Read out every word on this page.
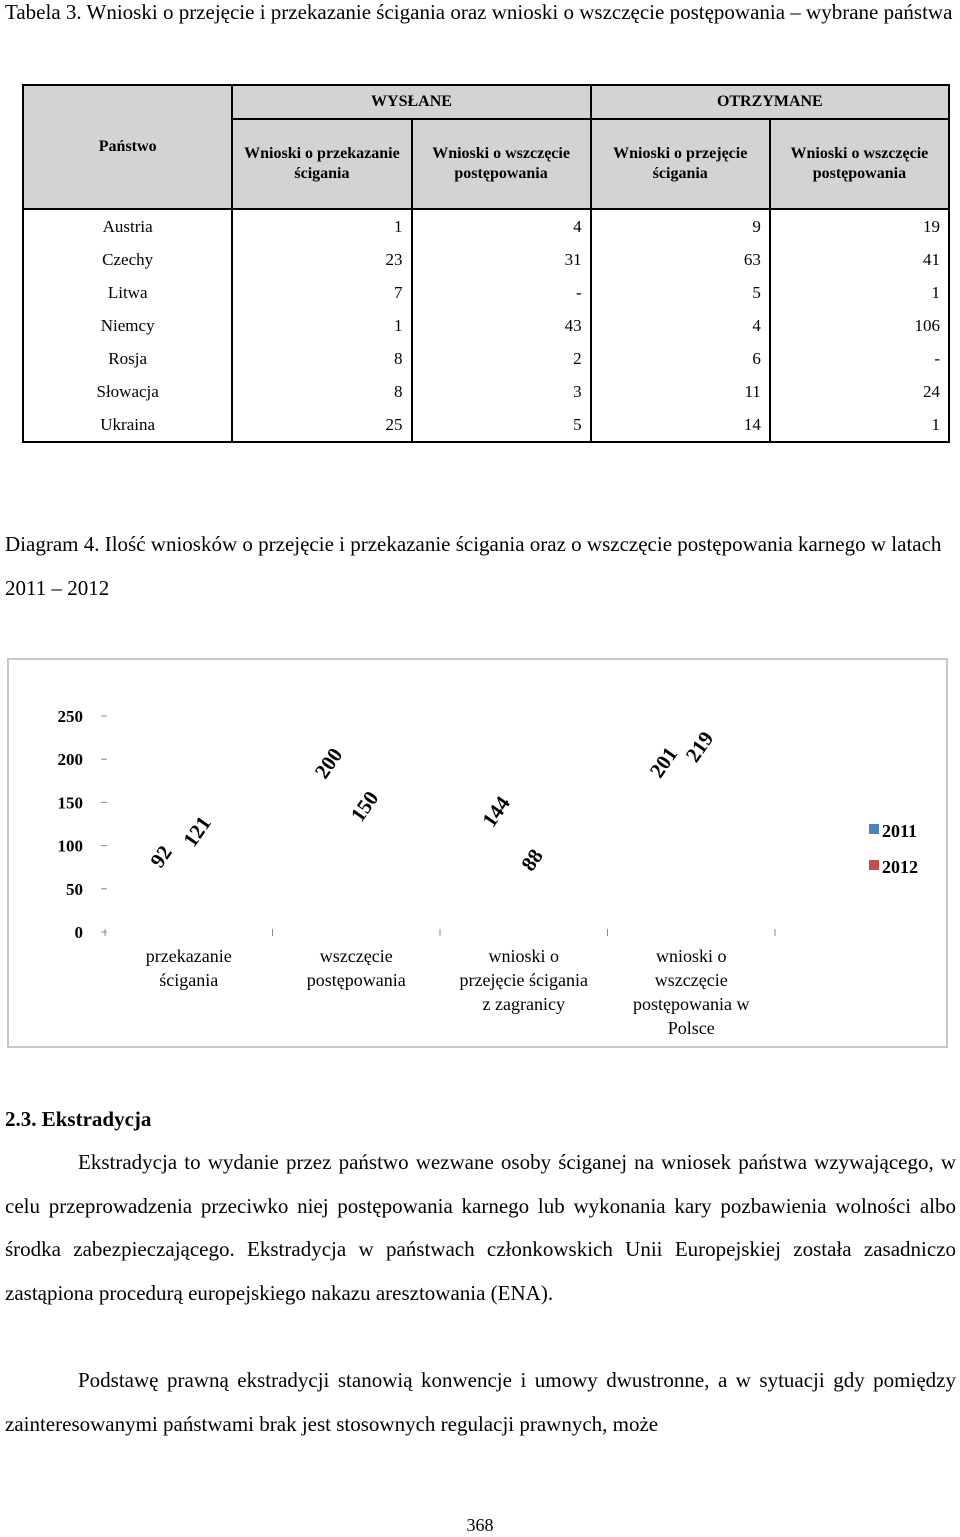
Tabela 3. Wnioski o przejęcie i przekazanie ścigania oraz wnioski o wszczęcie postępowania – wybrane państwa
Państwo	WYSŁANE		OTRZYMANE	
	Wnioski o przekazanie ścigania	Wnioski o wszczęcie postępowania	Wnioski o przejęcie ścigania	Wnioski o wszczęcie postępowania
Austria	1	4	9	19
Czechy	23	31	63	41
Litwa	7	-	5	1
Niemcy	1	43	4	106
Rosja	8	2	6	-
Słowacja	8	3	11	24
Ukraina	25	5	14	1
Diagram 4. Ilość wniosków o przejęcie i przekazanie ścigania oraz o wszczęcie postępowania karnego w latach 2011 – 2012
0
50
100
150
200
250
92
200
144
201
121
150
88
219
przekazanie
ścigania
wszczęcie
postępowania
wnioski o
przejęcie ścigania
z zagranicy
wnioski o
wszczęcie
postępowania w
Polsce
2011
2012
2.3. Ekstradycja
Ekstradycja to wydanie przez państwo wezwane osoby ściganej na wniosek państwa wzywającego, w celu przeprowadzenia przeciwko niej postępowania karnego lub wykonania kary pozbawienia wolności albo środka zabezpieczającego. Ekstradycja w państwach członkowskich Unii Europejskiej została zasadniczo zastąpiona procedurą europejskiego nakazu aresztowania (ENA).
Podstawę prawną ekstradycji stanowią konwencje i umowy dwustronne, a w sytuacji gdy pomiędzy zainteresowanymi państwami brak jest stosownych regulacji prawnych, może
368
